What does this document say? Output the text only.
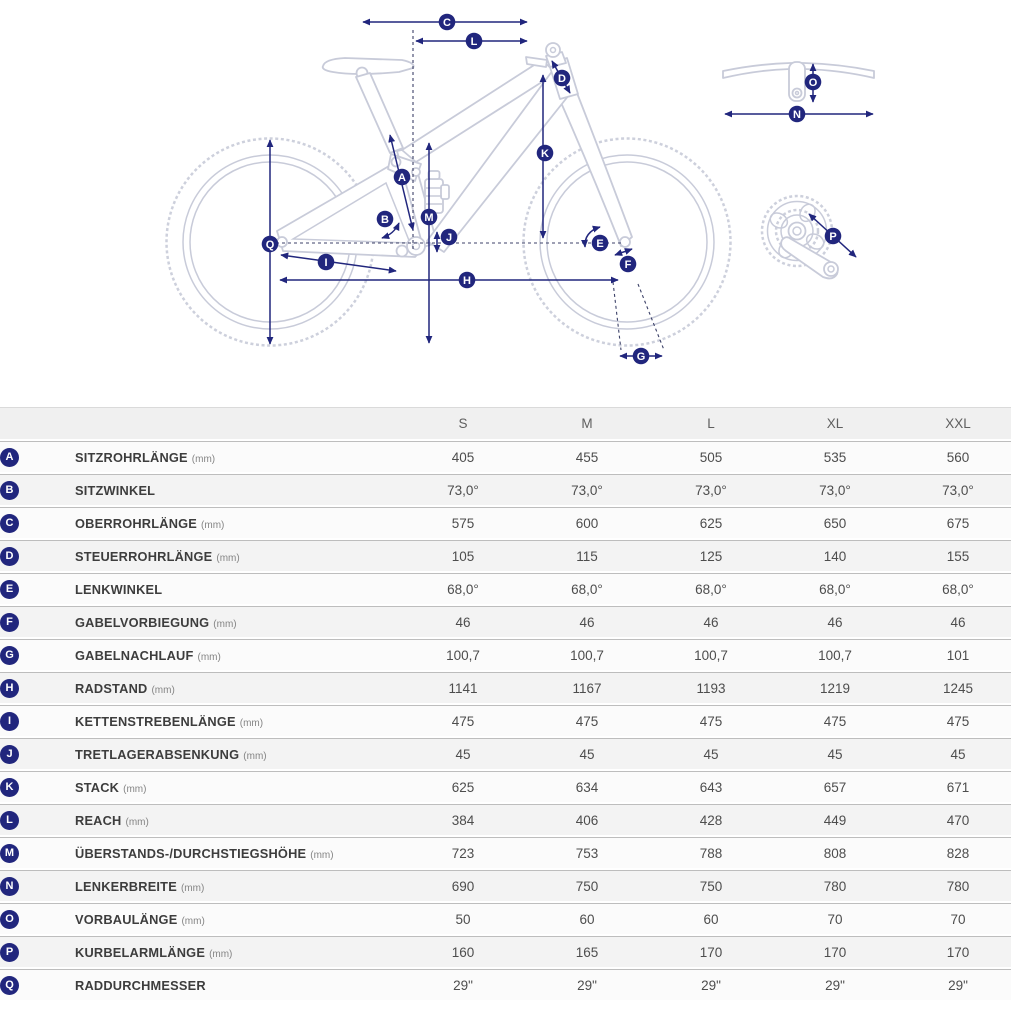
A
B
C
D
E
F
G
H
I
J
K
L
M
N
O
P
Q
		S	M	L	XL	XXL
A	SITZROHRLÄNGE (mm)	405	455	505	535	560
B	SITZWINKEL	73,0°	73,0°	73,0°	73,0°	73,0°
C	OBERROHRLÄNGE (mm)	575	600	625	650	675
D	STEUERROHRLÄNGE (mm)	105	115	125	140	155
E	LENKWINKEL	68,0°	68,0°	68,0°	68,0°	68,0°
F	GABELVORBIEGUNG (mm)	46	46	46	46	46
G	GABELNACHLAUF (mm)	100,7	100,7	100,7	100,7	101
H	RADSTAND (mm)	1141	1167	1193	1219	1245
I	KETTENSTREBENLÄNGE (mm)	475	475	475	475	475
J	TRETLAGERABSENKUNG (mm)	45	45	45	45	45
K	STACK (mm)	625	634	643	657	671
L	REACH (mm)	384	406	428	449	470
M	ÜBERSTANDS-/DURCHSTIEGSHÖHE (mm)	723	753	788	808	828
N	LENKERBREITE (mm)	690	750	750	780	780
O	VORBAULÄNGE (mm)	50	60	60	70	70
P	KURBELARMLÄNGE (mm)	160	165	170	170	170
Q	RADDURCHMESSER	29"	29"	29"	29"	29"
